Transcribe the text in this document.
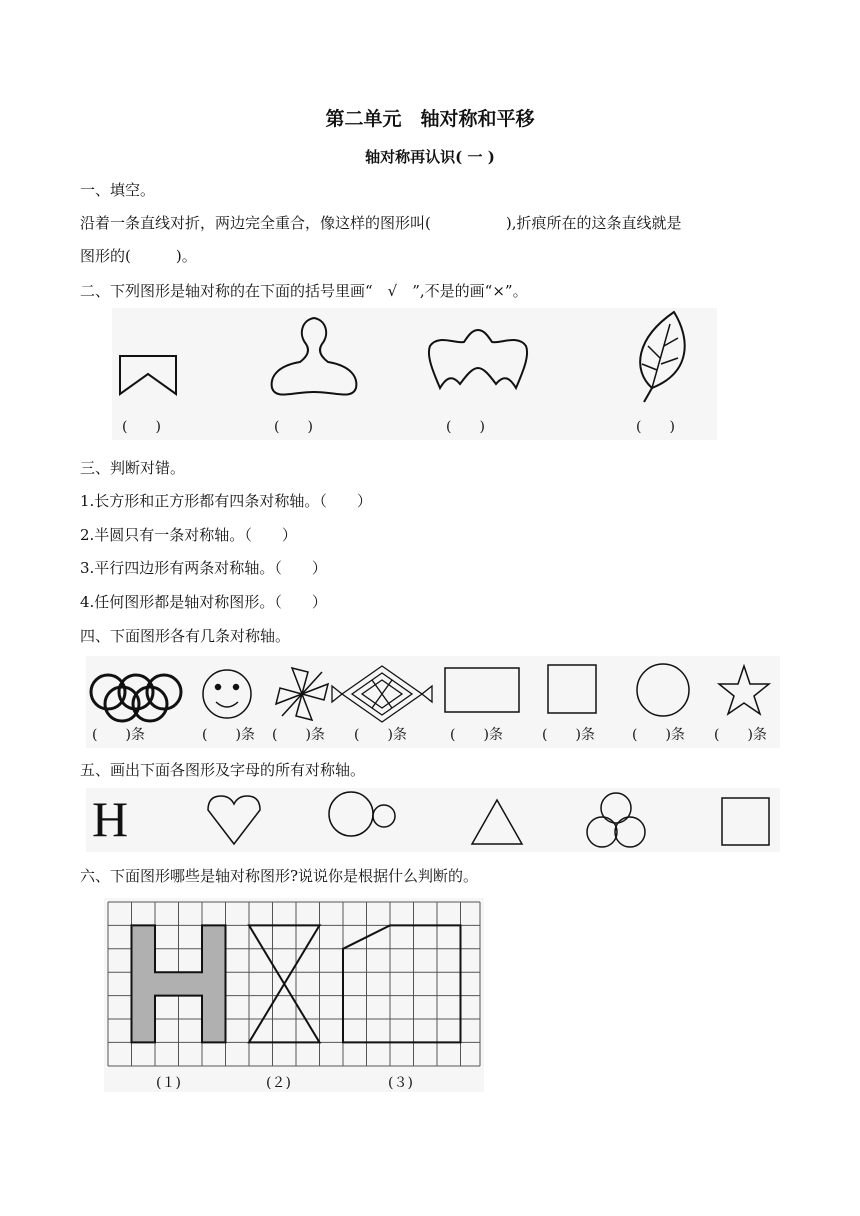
第二单元　轴对称和平移
轴对称再认识( 一 )
一、填空。
沿着一条直线对折，两边完全重合，像这样的图形叫(　　　　　),折痕所在的这条直线就是
图形的(　　　)。
二、下列图形是轴对称的在下面的括号里画“　√　”,不是的画“×”。
(　　)	(　　)	(　　)	(　　)
三、判断对错。
1.长方形和正方形都有四条对称轴。（　　）
2.半圆只有一条对称轴。（　　）
3.平行四边形有两条对称轴。（　　）
4.任何图形都是轴对称图形。（　　）
四、下面图形各有几条对称轴。
(　　)条	(　　)条 (　　)条 (　　)条	(　　)条	(　　)条	(　　)条 (　　)条
五、画出下面各图形及字母的所有对称轴。
H
六、下面图形哪些是轴对称图形?说说你是根据什么判断的。
(１)	(２)	(３)
